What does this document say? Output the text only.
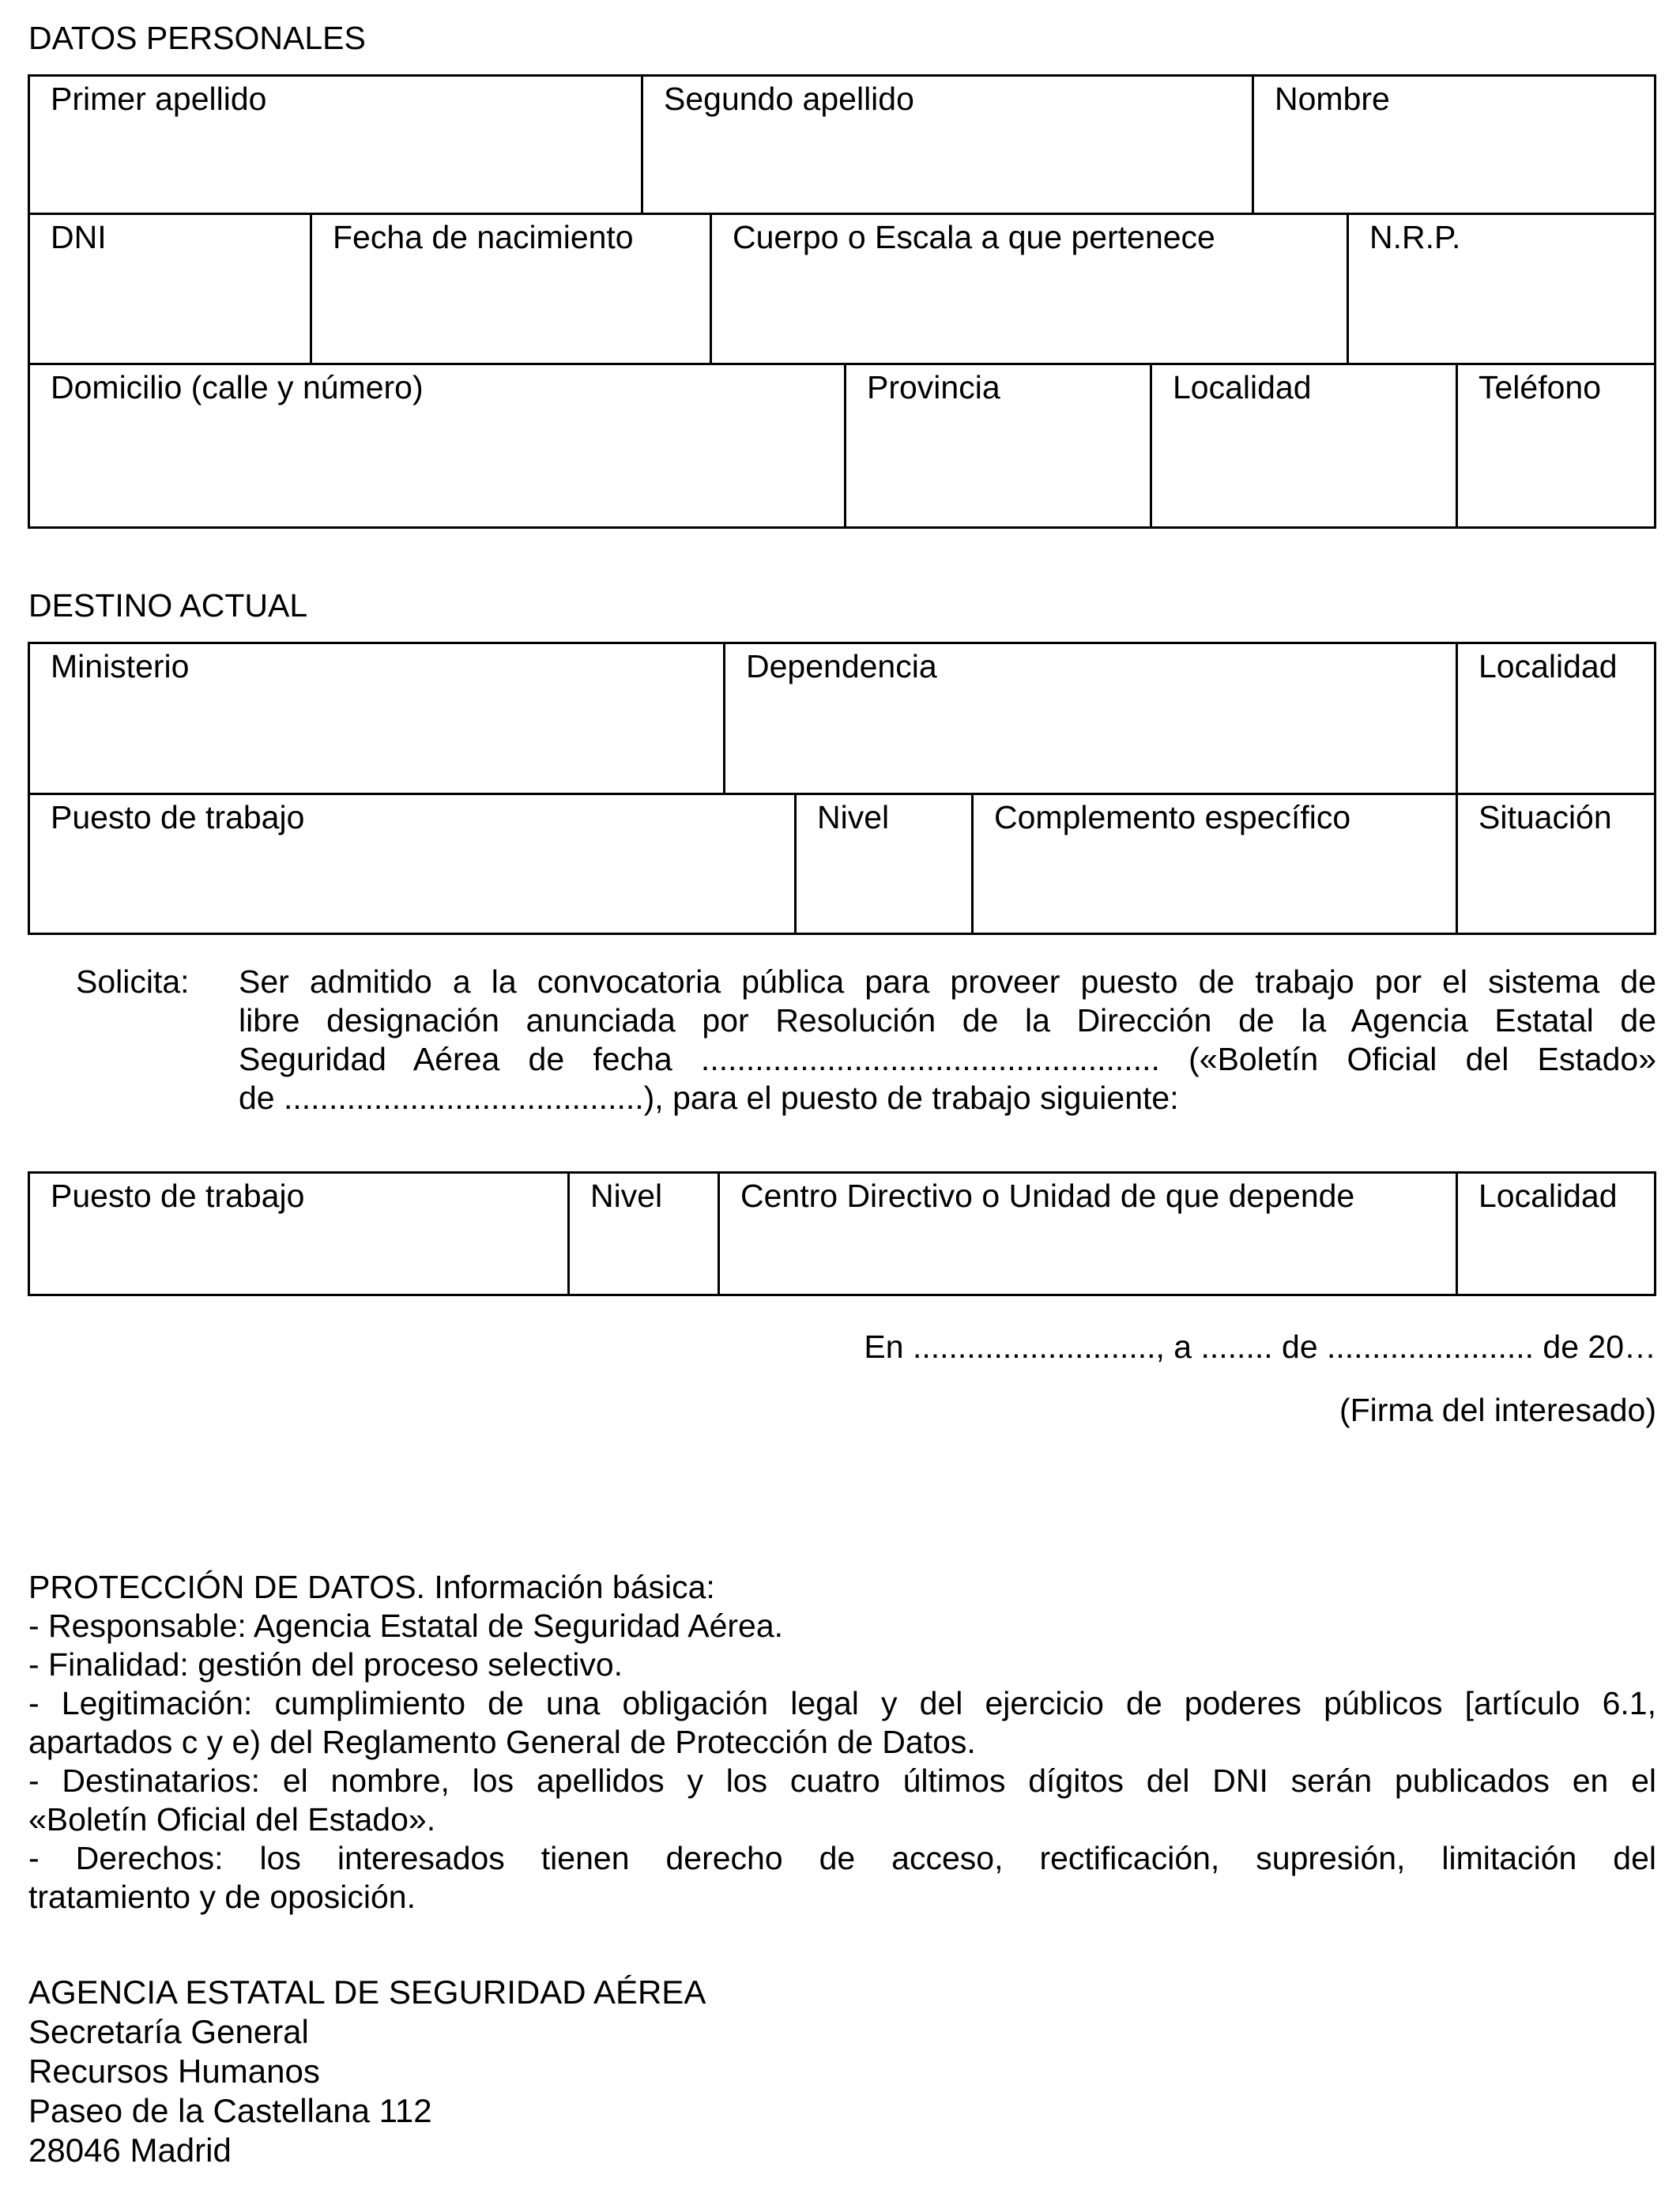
DATOS PERSONALES
Primer apellido	Segundo apellido	Nombre
DNI	Fecha de nacimiento	Cuerpo o Escala a que pertenece	N.R.P.
Domicilio (calle y número)	Provincia	Localidad	Teléfono
DESTINO ACTUAL
Ministerio	Dependencia	Localidad
Puesto de trabajo	Nivel	Complemento específico	Situación
Solicita: Ser admitido a la convocatoria pública para proveer puesto de trabajo por el sistema de
libre designación anunciada por Resolución de la Dirección de la Agencia Estatal de
Seguridad Aérea de fecha ................................................... («Boletín Oficial del Estado»
de ........................................), para el puesto de trabajo siguiente:
Puesto de trabajo	Nivel	Centro Directivo o Unidad de que depende	Localidad
En ..........................., a ........ de ....................... de 20…
(Firma del interesado)
PROTECCIÓN DE DATOS. Información básica:
- Responsable: Agencia Estatal de Seguridad Aérea.
- Finalidad: gestión del proceso selectivo.
- Legitimación: cumplimiento de una obligación legal y del ejercicio de poderes públicos [artículo 6.1,
apartados c y e) del Reglamento General de Protección de Datos.
- Destinatarios: el nombre, los apellidos y los cuatro últimos dígitos del DNI serán publicados en el
«Boletín Oficial del Estado».
- Derechos: los interesados tienen derecho de acceso, rectificación, supresión, limitación del
tratamiento y de oposición.
AGENCIA ESTATAL DE SEGURIDAD AÉREA
Secretaría General
Recursos Humanos
Paseo de la Castellana 112
28046 Madrid
